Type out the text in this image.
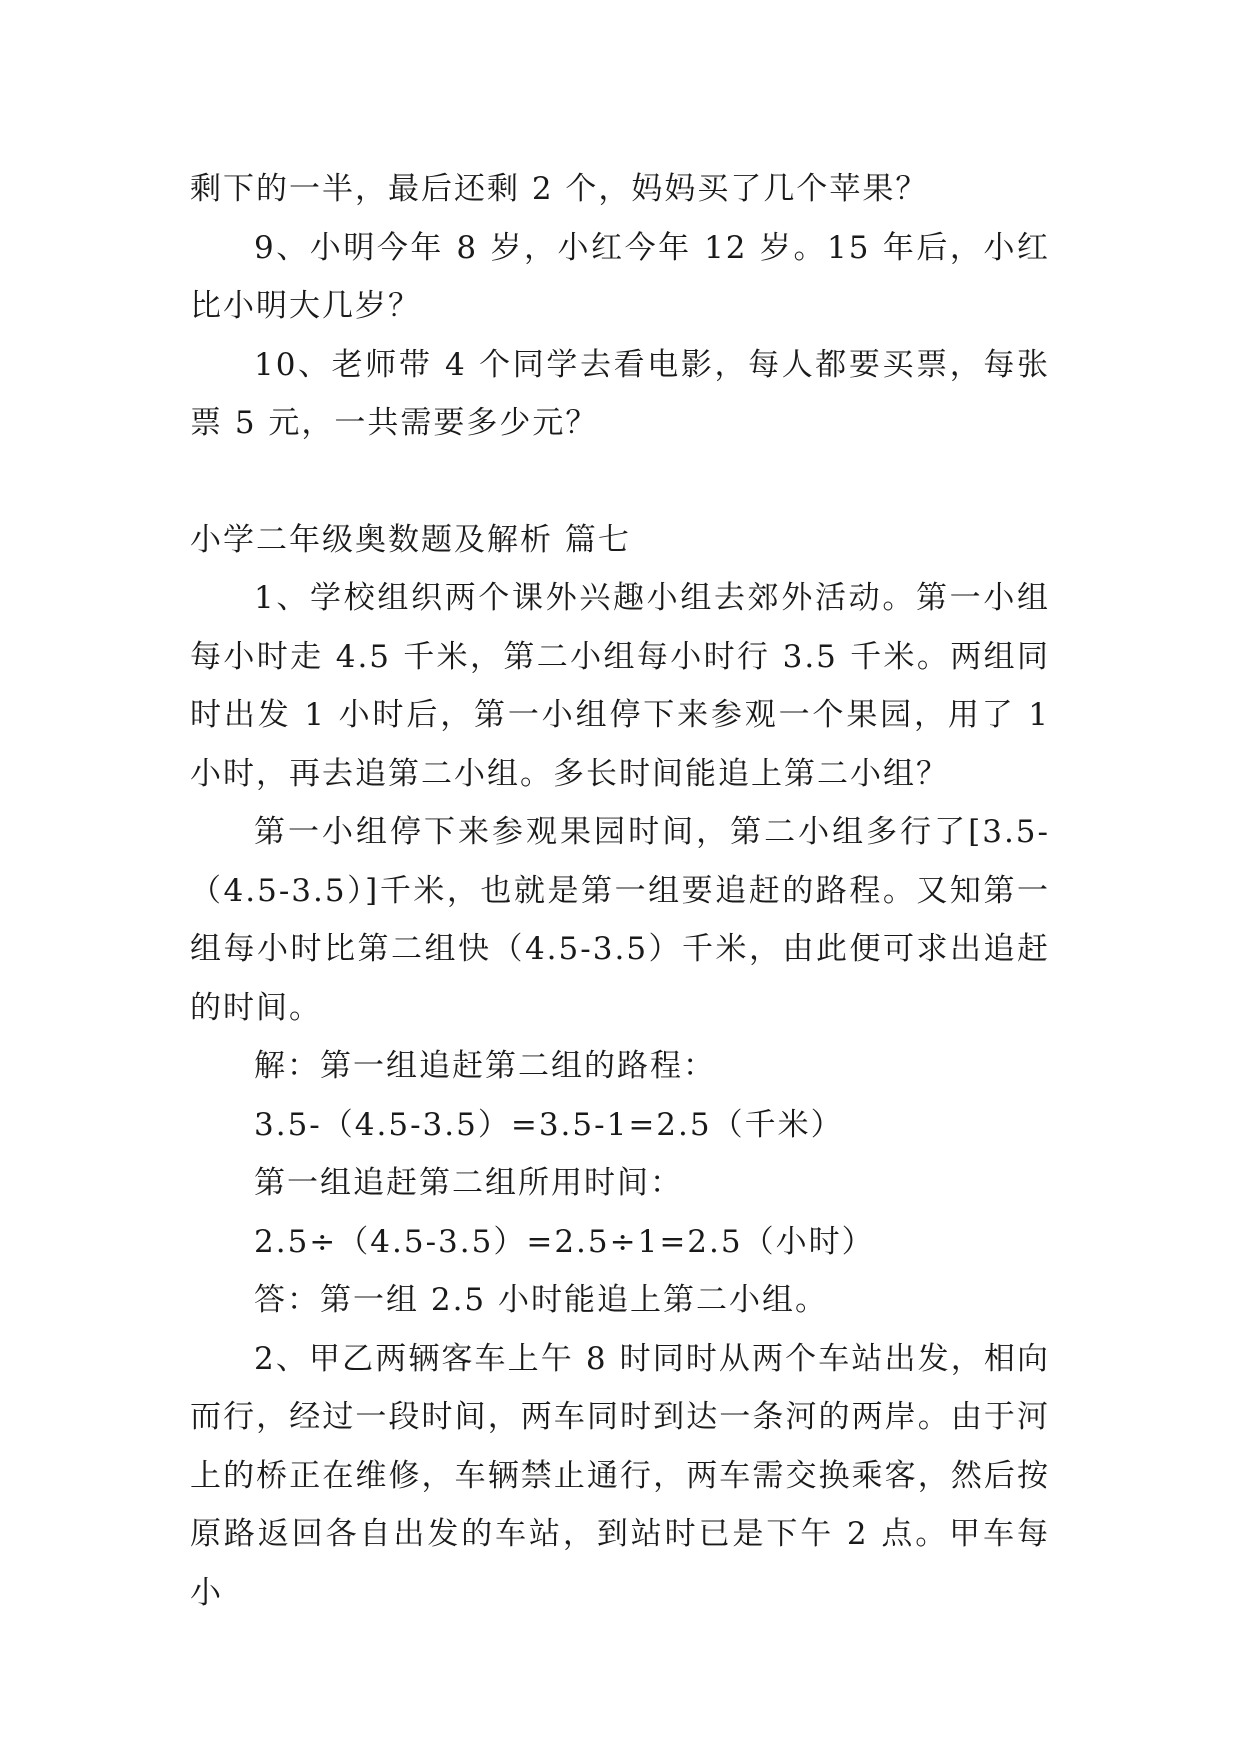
剩下的一半，最后还剩 2 个，妈妈买了几个苹果？

9、小明今年 8 岁，小红今年 12 岁。15 年后，小红比小明大几岁？

10、老师带 4 个同学去看电影，每人都要买票，每张票 5 元，一共需要多少元？

小学二年级奥数题及解析 篇七

1、学校组织两个课外兴趣小组去郊外活动。第一小组每小时走 4.5 千米，第二小组每小时行 3.5 千米。两组同时出发 1 小时后，第一小组停下来参观一个果园，用了 1 小时，再去追第二小组。多长时间能追上第二小组？

第一小组停下来参观果园时间，第二小组多行了[3.5-（4.5-3.5）]千米，也就是第一组要追赶的路程。又知第一组每小时比第二组快（4.5-3.5）千米，由此便可求出追赶的时间。

解：第一组追赶第二组的路程：

3.5-（4.5-3.5）=3.5-1=2.5（千米）

第一组追赶第二组所用时间：

2.5÷（4.5-3.5）=2.5÷1=2.5（小时）

答：第一组 2.5 小时能追上第二小组。

2、甲乙两辆客车上午 8 时同时从两个车站出发，相向而行，经过一段时间，两车同时到达一条河的两岸。由于河上的桥正在维修，车辆禁止通行，两车需交换乘客，然后按原路返回各自出发的车站，到站时已是下午 2 点。甲车每小
